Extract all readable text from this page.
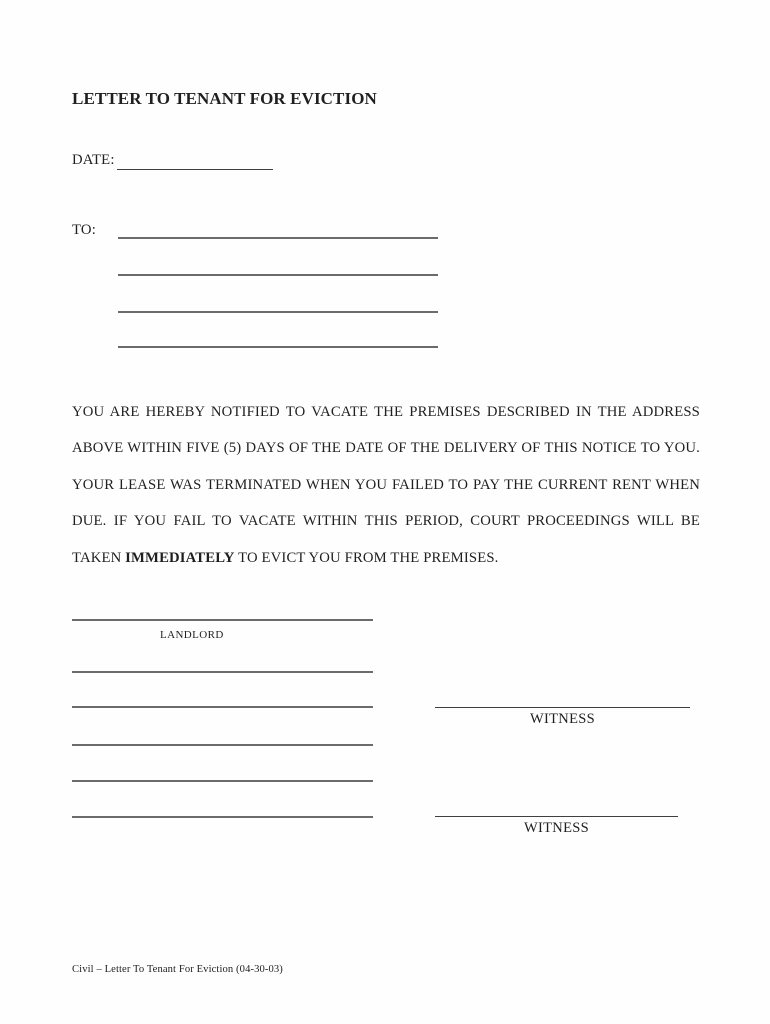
LETTER TO TENANT FOR EVICTION
DATE:
TO:
YOU ARE HEREBY NOTIFIED TO VACATE THE PREMISES DESCRIBED IN THE ADDRESS
ABOVE WITHIN FIVE (5) DAYS OF THE DATE OF THE DELIVERY OF THIS NOTICE TO YOU.
YOUR LEASE WAS TERMINATED WHEN YOU FAILED TO PAY THE CURRENT RENT WHEN
DUE. IF YOU FAIL TO VACATE WITHIN THIS PERIOD, COURT PROCEEDINGS WILL BE
TAKEN IMMEDIATELY TO EVICT YOU FROM THE PREMISES.
LANDLORD
WITNESS
WITNESS
Civil – Letter To Tenant For Eviction (04-30-03)
